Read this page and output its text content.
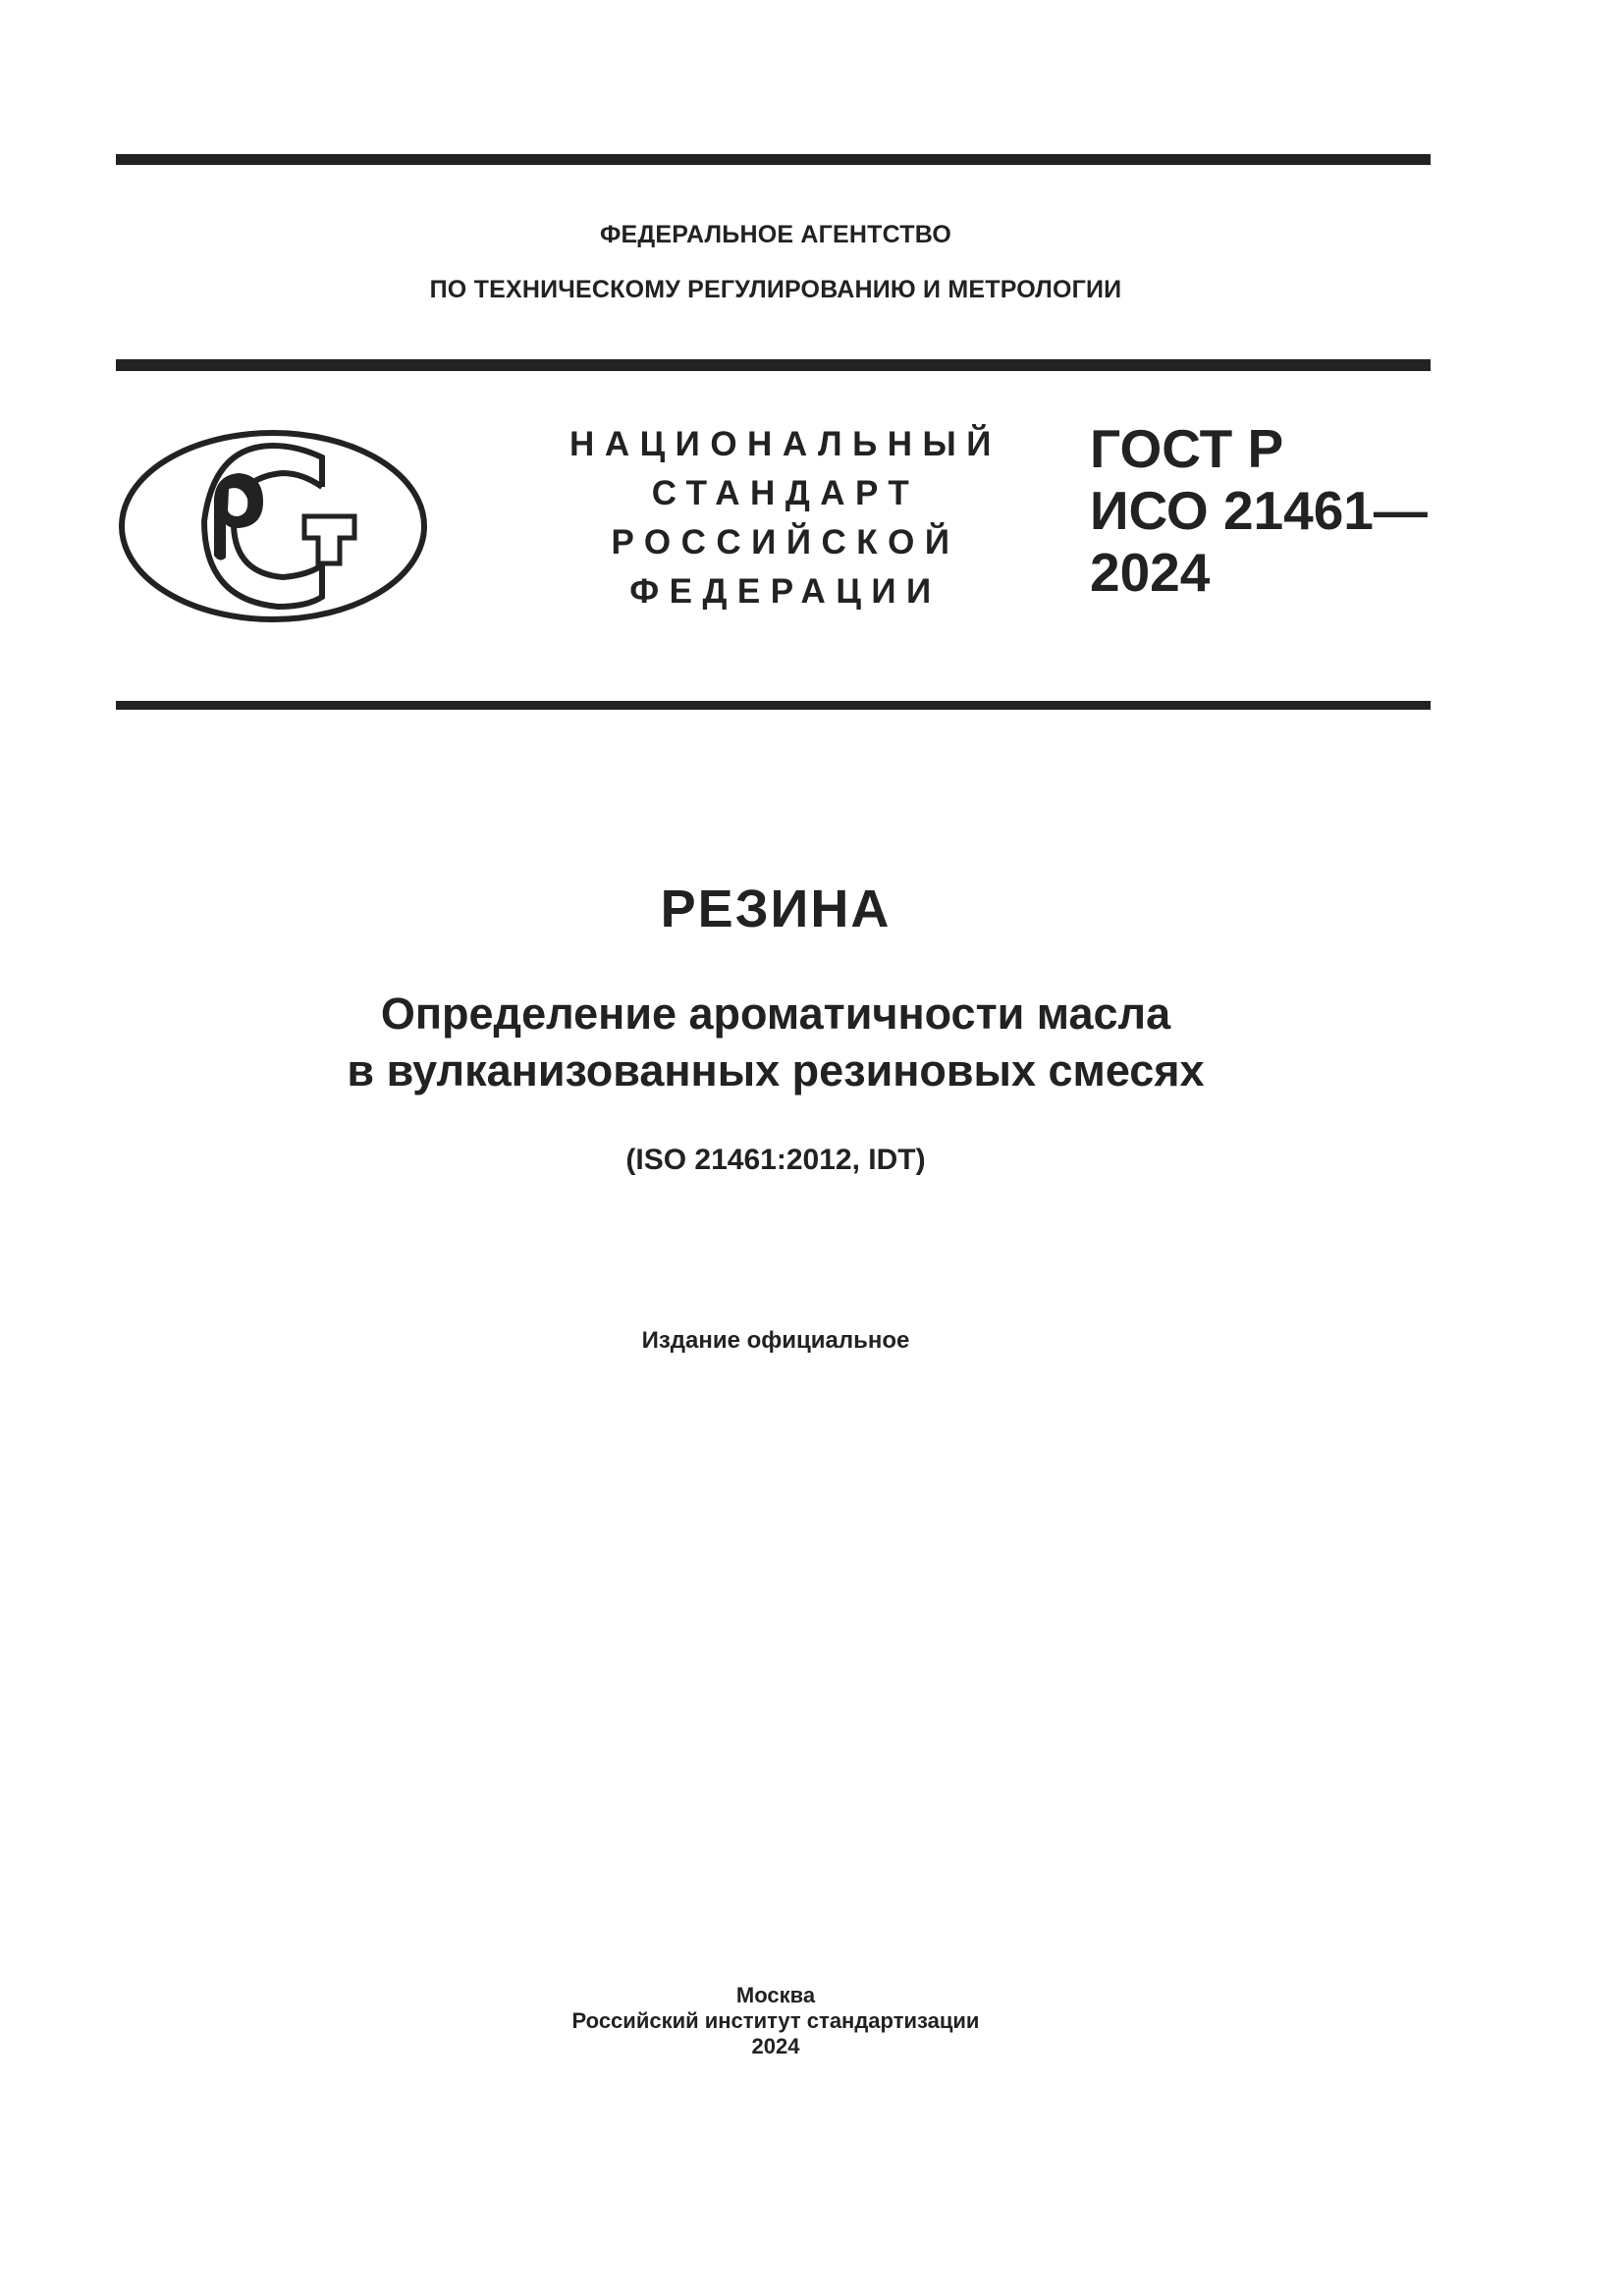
ФЕДЕРАЛЬНОЕ АГЕНТСТВО
ПО ТЕХНИЧЕСКОМУ РЕГУЛИРОВАНИЮ И МЕТРОЛОГИИ
НАЦИОНАЛЬНЫЙ
СТАНДАРТ
РОССИЙСКОЙ
ФЕДЕРАЦИИ
ГОСТ Р
ИСО 21461—
2024
РЕЗИНА
Определение ароматичности масла
в вулканизованных резиновых смесях
(ISO 21461:2012, IDT)
Издание официальное
Москва
Российский институт стандартизации
2024
